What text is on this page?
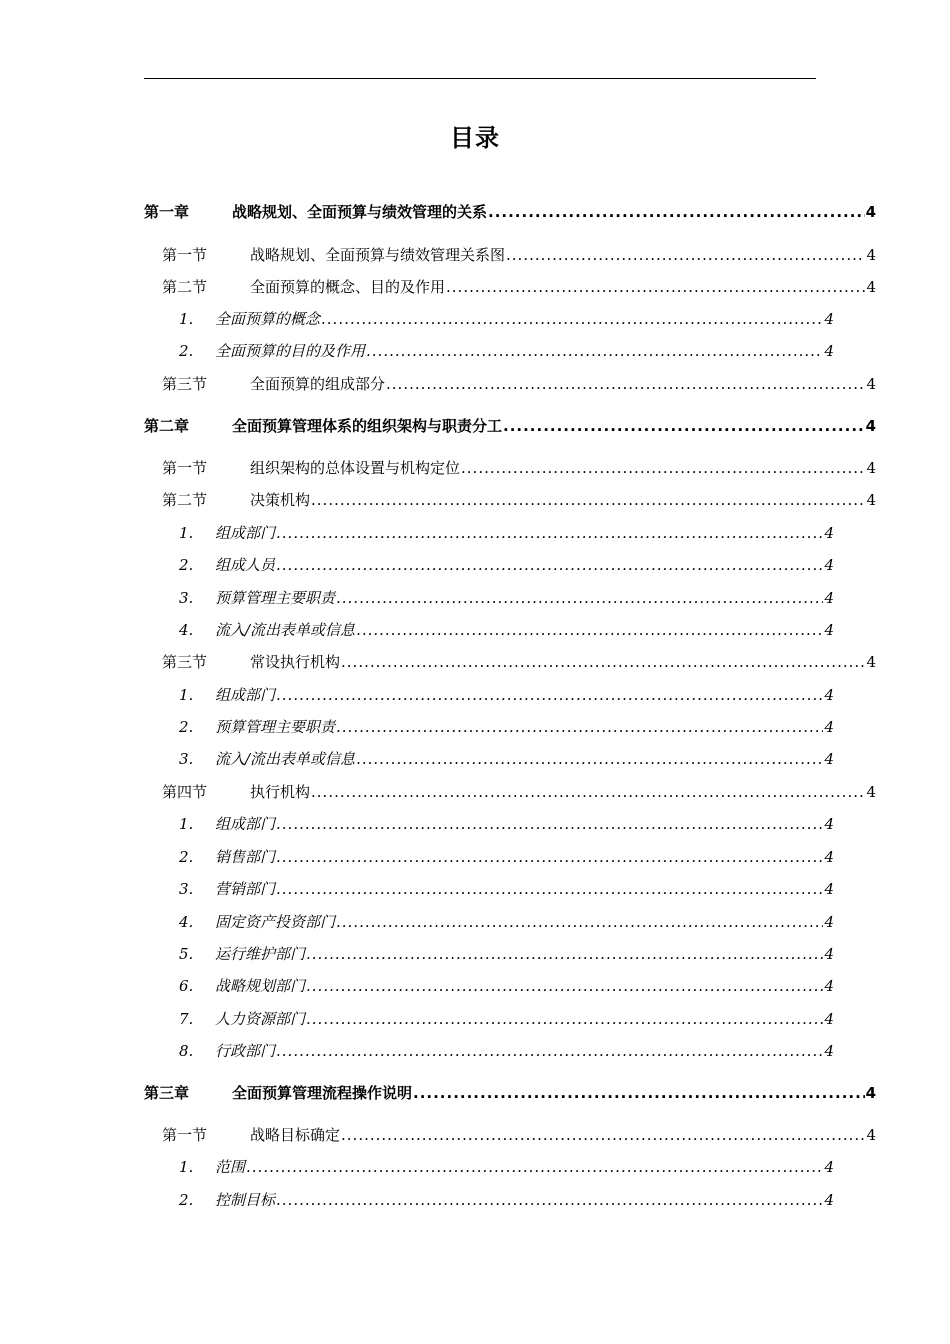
目录
第一章	战略规划、全面预算与绩效管理的关系 .....	4
第一节	战略规划、全面预算与绩效管理关系图 .....	4
第二节	全面预算的概念、目的及作用 .....	4
1.	全面预算的概念 .....	4
2.	全面预算的目的及作用 .....	4
第三节	全面预算的组成部分 .....	4
第二章	全面预算管理体系的组织架构与职责分工 .....	4
第一节	组织架构的总体设置与机构定位 .....	4
第二节	决策机构 .....	4
1.	组成部门 .....	4
2.	组成人员 .....	4
3.	预算管理主要职责 .....	4
4.	流入/流出表单或信息 .....	4
第三节	常设执行机构 .....	4
1.	组成部门 .....	4
2.	预算管理主要职责 .....	4
3.	流入/流出表单或信息 .....	4
第四节	执行机构 .....	4
1.	组成部门 .....	4
2.	销售部门 .....	4
3.	营销部门 .....	4
4.	固定资产投资部门 .....	4
5.	运行维护部门 .....	4
6.	战略规划部门 .....	4
7.	人力资源部门 .....	4
8.	行政部门 .....	4
第三章	全面预算管理流程操作说明 .....	4
第一节	战略目标确定 .....	4
1.	范围 .....	4
2.	控制目标 .....	4
